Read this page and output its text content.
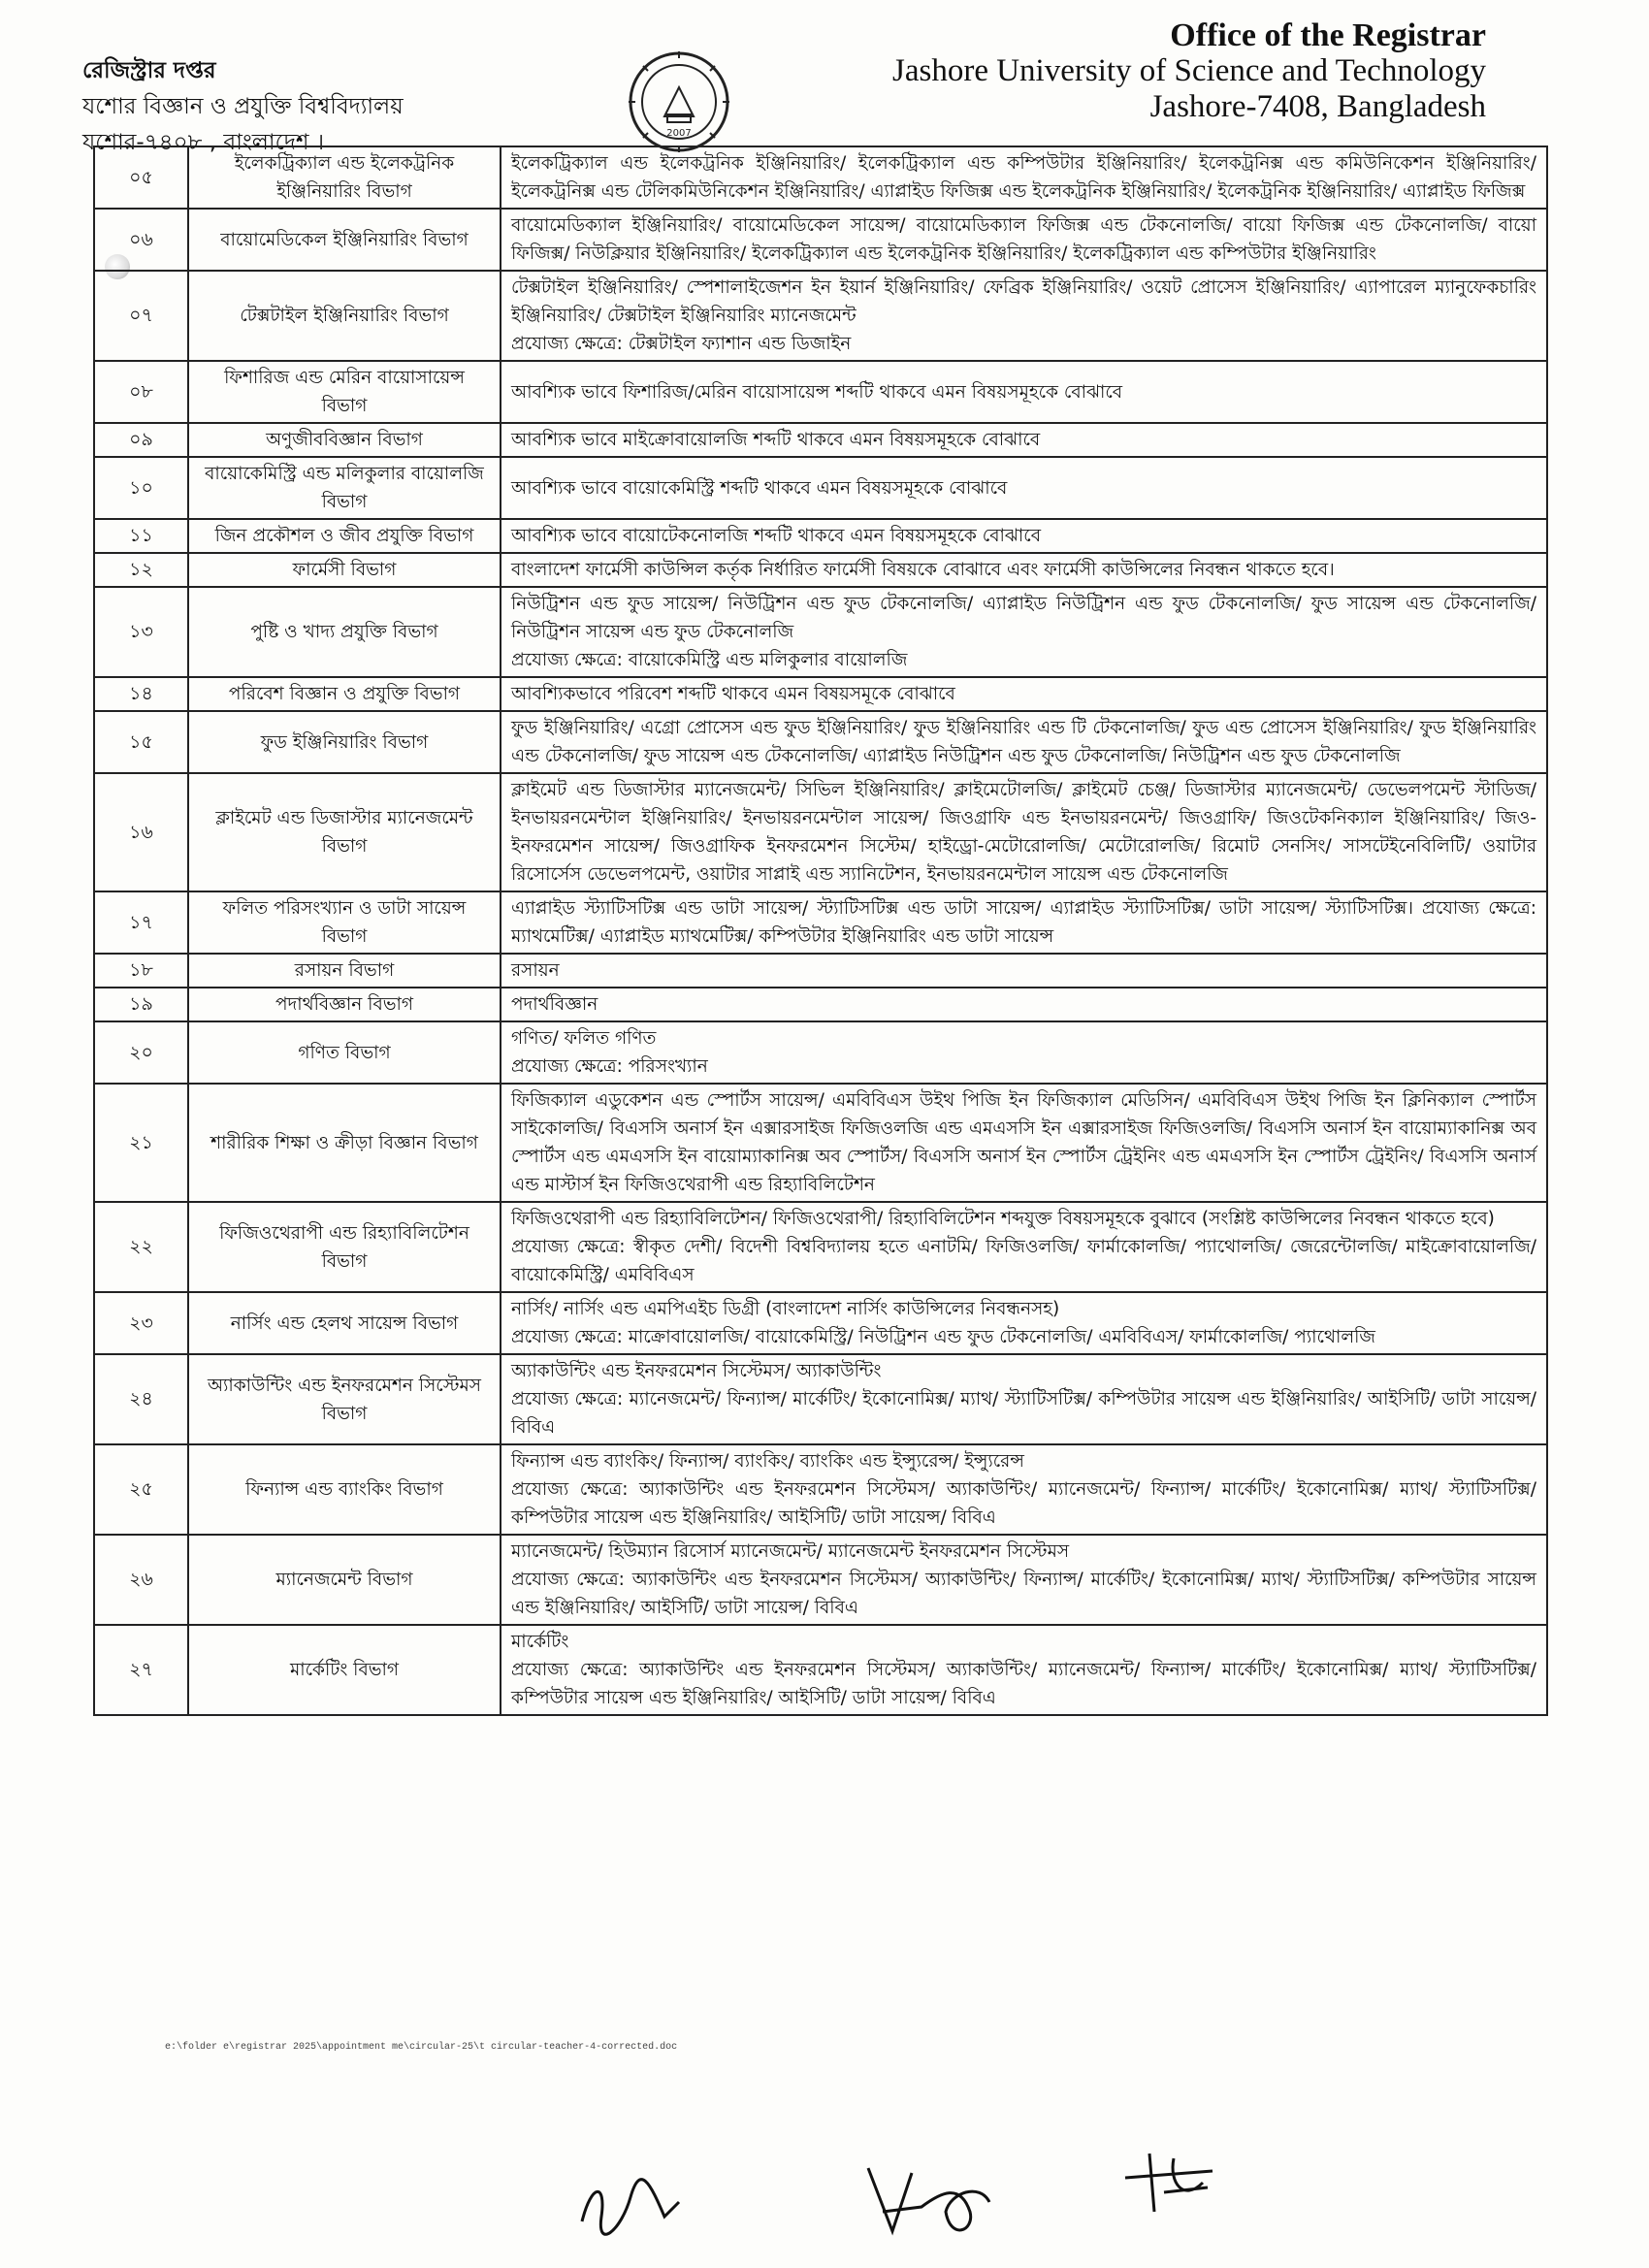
রেজিস্ট্রার দপ্তর
যশোর বিজ্ঞান ও প্রযুক্তি বিশ্ববিদ্যালয়
যশোর-৭৪০৮ , বাংলাদেশ ।	2007
Office of the Registrar
Jashore University of Science and Technology
Jashore-7408, Bangladesh
০৫	ইলেকট্রিক্যাল এন্ড ইলেকট্রনিক ইঞ্জিনিয়ারিং বিভাগ	ইলেকট্রিক্যাল এন্ড ইলেকট্রনিক ইঞ্জিনিয়ারিং/ ইলেকট্রিক্যাল এন্ড কম্পিউটার ইঞ্জিনিয়ারিং/ ইলেকট্রনিক্স এন্ড কমিউনিকেশন ইঞ্জিনিয়ারিং/ ইলেকট্রনিক্স এন্ড টেলিকমিউনিকেশন ইঞ্জিনিয়ারিং/ এ্যাপ্লাইড ফিজিক্স এন্ড ইলেকট্রনিক ইঞ্জিনিয়ারিং/ ইলেকট্রনিক ইঞ্জিনিয়ারিং/ এ্যাপ্লাইড ফিজিক্স

০৬	বায়োমেডিকেল ইঞ্জিনিয়ারিং বিভাগ	বায়োমেডিক্যাল ইঞ্জিনিয়ারিং/ বায়োমেডিকেল সায়েন্স/ বায়োমেডিক্যাল ফিজিক্স এন্ড টেকনোলজি/ বায়ো ফিজিক্স এন্ড টেকনোলজি/ বায়ো ফিজিক্স/ নিউক্লিয়ার ইঞ্জিনিয়ারিং/ ইলেকট্রিক্যাল এন্ড ইলেকট্রনিক ইঞ্জিনিয়ারিং/ ইলেকট্রিক্যাল এন্ড কম্পিউটার ইঞ্জিনিয়ারিং

০৭	টেক্সটাইল ইঞ্জিনিয়ারিং বিভাগ	টেক্সটাইল ইঞ্জিনিয়ারিং/ স্পেশালাইজেশন ইন ইয়ার্ন ইঞ্জিনিয়ারিং/ ফেব্রিক ইঞ্জিনিয়ারিং/ ওয়েট প্রোসেস ইঞ্জিনিয়ারিং/ এ্যাপারেল ম্যানুফেকচারিং ইঞ্জিনিয়ারিং/ টেক্সটাইল ইঞ্জিনিয়ারিং ম্যানেজমেন্ট
প্রযোজ্য ক্ষেত্রে: টেক্সটাইল ফ্যাশান এন্ড ডিজাইন

০৮	ফিশারিজ এন্ড মেরিন বায়োসায়েন্স বিভাগ	আবশ্যিক ভাবে ফিশারিজ/মেরিন বায়োসায়েন্স শব্দটি থাকবে এমন বিষয়সমূহকে বোঝাবে

০৯	অণুজীববিজ্ঞান বিভাগ	আবশ্যিক ভাবে মাইক্রোবায়োলজি শব্দটি থাকবে এমন বিষয়সমূহকে বোঝাবে

১০	বায়োকেমিস্ট্রি এন্ড মলিকুলার বায়োলজি বিভাগ	আবশ্যিক ভাবে বায়োকেমিস্ট্রি শব্দটি থাকবে এমন বিষয়সমূহকে বোঝাবে

১১	জিন প্রকৌশল ও জীব প্রযুক্তি বিভাগ	আবশ্যিক ভাবে বায়োটেকনোলজি শব্দটি থাকবে এমন বিষয়সমূহকে বোঝাবে

১২	ফার্মেসী বিভাগ	বাংলাদেশ ফার্মেসী কাউন্সিল কর্তৃক নির্ধারিত ফার্মেসী বিষয়কে বোঝাবে এবং ফার্মেসী কাউন্সিলের নিবন্ধন থাকতে হবে।

১৩	পুষ্টি ও খাদ্য প্রযুক্তি বিভাগ	নিউট্রিশন এন্ড ফুড সায়েন্স/ নিউট্রিশন এন্ড ফুড টেকনোলজি/ এ্যাপ্লাইড নিউট্রিশন এন্ড ফুড টেকনোলজি/ ফুড সায়েন্স এন্ড টেকনোলজি/ নিউট্রিশন সায়েন্স এন্ড ফুড টেকনোলজি
প্রযোজ্য ক্ষেত্রে: বায়োকেমিস্ট্রি এন্ড মলিকুলার বায়োলজি

১৪	পরিবেশ বিজ্ঞান ও প্রযুক্তি বিভাগ	আবশ্যিকভাবে পরিবেশ শব্দটি থাকবে এমন বিষয়সমূকে বোঝাবে

১৫	ফুড ইঞ্জিনিয়ারিং বিভাগ	ফুড ইঞ্জিনিয়ারিং/ এগ্রো প্রোসেস এন্ড ফুড ইঞ্জিনিয়ারিং/ ফুড ইঞ্জিনিয়ারিং এন্ড টি টেকনোলজি/ ফুড এন্ড প্রোসেস ইঞ্জিনিয়ারিং/ ফুড ইঞ্জিনিয়ারিং এন্ড টেকনোলজি/ ফুড সায়েন্স এন্ড টেকনোলজি/ এ্যাপ্লাইড নিউট্রিশন এন্ড ফুড টেকনোলজি/ নিউট্রিশন এন্ড ফুড টেকনোলজি

১৬	ক্লাইমেট এন্ড ডিজাস্টার ম্যানেজমেন্ট বিভাগ	ক্লাইমেট এন্ড ডিজাস্টার ম্যানেজমেন্ট/ সিভিল ইঞ্জিনিয়ারিং/ ক্লাইমেটোলজি/ ক্লাইমেট চেঞ্জ/ ডিজাস্টার ম্যানেজমেন্ট/ ডেভেলপমেন্ট স্টাডিজ/ ইনভায়রনমেন্টাল ইঞ্জিনিয়ারিং/ ইনভায়রনমেন্টাল সায়েন্স/ জিওগ্রাফি এন্ড ইনভায়রনমেন্ট/ জিওগ্রাফি/ জিওটেকনিক্যাল ইঞ্জিনিয়ারিং/ জিও-ইনফরমেশন সায়েন্স/ জিওগ্রাফিক ইনফরমেশন সিস্টেম/ হাইড্রো-মেটোরোলজি/ মেটোরোলজি/ রিমোট সেনসিং/ সাসটেইনেবিলিটি/ ওয়াটার রিসোর্সেস ডেভেলপমেন্ট, ওয়াটার সাপ্লাই এন্ড স্যানিটেশন, ইনভায়রনমেন্টাল সায়েন্স এন্ড টেকনোলজি

১৭	ফলিত পরিসংখ্যান ও ডাটা সায়েন্স বিভাগ	এ্যাপ্লাইড স্ট্যাটিসটিক্স এন্ড ডাটা সায়েন্স/ স্ট্যাটিসটিক্স এন্ড ডাটা সায়েন্স/ এ্যাপ্লাইড স্ট্যাটিসটিক্স/ ডাটা সায়েন্স/ স্ট্যাটিসটিক্স। প্রযোজ্য ক্ষেত্রে: ম্যাথমেটিক্স/ এ্যাপ্লাইড ম্যাথমেটিক্স/ কম্পিউটার ইঞ্জিনিয়ারিং এন্ড ডাটা সায়েন্স

১৮	রসায়ন বিভাগ	রসায়ন

১৯	পদার্থবিজ্ঞান বিভাগ	পদার্থবিজ্ঞান

২০	গণিত বিভাগ	গণিত/ ফলিত গণিত
প্রযোজ্য ক্ষেত্রে: পরিসংখ্যান

২১	শারীরিক শিক্ষা ও ক্রীড়া বিজ্ঞান বিভাগ	ফিজিক্যাল এডুকেশন এন্ড স্পোর্টস সায়েন্স/ এমবিবিএস উইথ পিজি ইন ফিজিক্যাল মেডিসিন/ এমবিবিএস উইথ পিজি ইন ক্লিনিক্যাল স্পোর্টস সাইকোলজি/ বিএসসি অনার্স ইন এক্সারসাইজ ফিজিওলজি এন্ড এমএসসি ইন এক্সারসাইজ ফিজিওলজি/ বিএসসি অনার্স ইন বায়োম্যাকানিক্স অব স্পোর্টস এন্ড এমএসসি ইন বায়োম্যাকানিক্স অব স্পোর্টস/ বিএসসি অনার্স ইন স্পোর্টস ট্রেইনিং এন্ড এমএসসি ইন স্পোর্টস ট্রেইনিং/ বিএসসি অনার্স এন্ড মাস্টার্স ইন ফিজিওথেরাপী এন্ড রিহ্যাবিলিটেশন

২২	ফিজিওথেরাপী এন্ড রিহ্যাবিলিটেশন বিভাগ	ফিজিওথেরাপী এন্ড রিহ্যাবিলিটেশন/ ফিজিওথেরাপী/ রিহ্যাবিলিটেশন শব্দযুক্ত বিষয়সমূহকে বুঝাবে (সংশ্লিষ্ট কাউন্সিলের নিবন্ধন থাকতে হবে)
প্রযোজ্য ক্ষেত্রে: স্বীকৃত দেশী/ বিদেশী বিশ্ববিদ্যালয় হতে এনাটমি/ ফিজিওলজি/ ফার্মাকোলজি/ প্যাথোলজি/ জেরেন্টোলজি/ মাইক্রোবায়োলজি/ বায়োকেমিস্ট্রি/ এমবিবিএস

২৩	নার্সিং এন্ড হেলথ সায়েন্স বিভাগ	নার্সিং/ নার্সিং এন্ড এমপিএইচ ডিগ্রী (বাংলাদেশ নার্সিং কাউন্সিলের নিবন্ধনসহ)
প্রযোজ্য ক্ষেত্রে: মাক্রোবায়োলজি/ বায়োকেমিস্ট্রি/ নিউট্রিশন এন্ড ফুড টেকনোলজি/ এমবিবিএস/ ফার্মাকোলজি/ প্যাথোলজি

২৪	অ্যাকাউন্টিং এন্ড ইনফরমেশন সিস্টেমস বিভাগ	অ্যাকাউন্টিং এন্ড ইনফরমেশন সিস্টেমস/ অ্যাকাউন্টিং
প্রযোজ্য ক্ষেত্রে: ম্যানেজমেন্ট/ ফিন্যান্স/ মার্কেটিং/ ইকোনোমিক্স/ ম্যাথ/ স্ট্যাটিসটিক্স/ কম্পিউটার সায়েন্স এন্ড ইঞ্জিনিয়ারিং/ আইসিটি/ ডাটা সায়েন্স/ বিবিএ

২৫	ফিন্যান্স এন্ড ব্যাংকিং বিভাগ	ফিন্যান্স এন্ড ব্যাংকিং/ ফিন্যান্স/ ব্যাংকিং/ ব্যাংকিং এন্ড ইন্স্যুরেন্স/ ইন্স্যুরেন্স
প্রযোজ্য ক্ষেত্রে: অ্যাকাউন্টিং এন্ড ইনফরমেশন সিস্টেমস/ অ্যাকাউন্টিং/ ম্যানেজমেন্ট/ ফিন্যান্স/ মার্কেটিং/ ইকোনোমিক্স/ ম্যাথ/ স্ট্যাটিসটিক্স/ কম্পিউটার সায়েন্স এন্ড ইঞ্জিনিয়ারিং/ আইসিটি/ ডাটা সায়েন্স/ বিবিএ

২৬	ম্যানেজমেন্ট বিভাগ	ম্যানেজমেন্ট/ হিউম্যান রিসোর্স ম্যানেজমেন্ট/ ম্যানেজমেন্ট ইনফরমেশন সিস্টেমস
প্রযোজ্য ক্ষেত্রে: অ্যাকাউন্টিং এন্ড ইনফরমেশন সিস্টেমস/ অ্যাকাউন্টিং/ ফিন্যান্স/ মার্কেটিং/ ইকোনোমিক্স/ ম্যাথ/ স্ট্যাটিসটিক্স/ কম্পিউটার সায়েন্স এন্ড ইঞ্জিনিয়ারিং/ আইসিটি/ ডাটা সায়েন্স/ বিবিএ

২৭	মার্কেটিং বিভাগ	মার্কেটিং
প্রযোজ্য ক্ষেত্রে: অ্যাকাউন্টিং এন্ড ইনফরমেশন সিস্টেমস/ অ্যাকাউন্টিং/ ম্যানেজমেন্ট/ ফিন্যান্স/ মার্কেটিং/ ইকোনোমিক্স/ ম্যাথ/ স্ট্যাটিসটিক্স/ কম্পিউটার সায়েন্স এন্ড ইঞ্জিনিয়ারিং/ আইসিটি/ ডাটা সায়েন্স/ বিবিএ
e:\folder e\registrar 2025\appointment me\circular-25\t circular-teacher-4-corrected.doc
